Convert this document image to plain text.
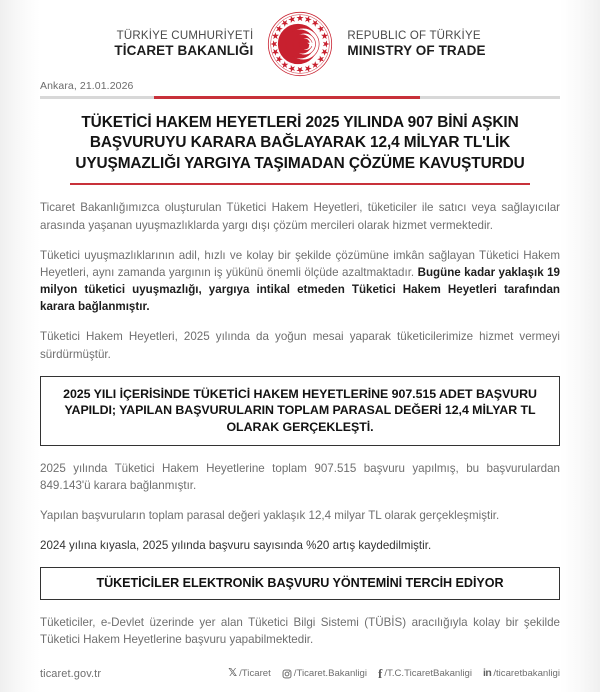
TÜRKİYE CUMHURİYETİ
TİCARET BAKANLIĞI
REPUBLIC OF TÜRKİYE
MINISTRY OF TRADE
Ankara, 21.01.2026
TÜKETİCİ HAKEM HEYETLERİ 2025 YILINDA 907 BİNİ AŞKIN BAŞVURUYU KARARA BAĞLAYARAK 12,4 MİLYAR TL'LİK UYUŞMAZLIĞI YARGIYA TAŞIMADAN ÇÖZÜME KAVUŞTURDU

Ticaret Bakanlığımızca oluşturulan Tüketici Hakem Heyetleri, tüketiciler ile satıcı veya sağlayıcılar arasında yaşanan uyuşmazlıklarda yargı dışı çözüm mercileri olarak hizmet vermektedir.

Tüketici uyuşmazlıklarının adil, hızlı ve kolay bir şekilde çözümüne imkân sağlayan Tüketici Hakem Heyetleri, aynı zamanda yargının iş yükünü önemli ölçüde azaltmaktadır. Bugüne kadar yaklaşık 19 milyon tüketici uyuşmazlığı, yargıya intikal etmeden Tüketici Hakem Heyetleri tarafından karara bağlanmıştır.

Tüketici Hakem Heyetleri, 2025 yılında da yoğun mesai yaparak tüketicilerimize hizmet vermeyi sürdürmüştür.

2025 YILI İÇERİSİNDE TÜKETİCİ HAKEM HEYETLERİNE 907.515 ADET BAŞVURU YAPILDI; YAPILAN BAŞVURULARIN TOPLAM PARASAL DEĞERİ 12,4 MİLYAR TL OLARAK GERÇEKLEŞTİ.

2025 yılında Tüketici Hakem Heyetlerine toplam 907.515 başvuru yapılmış, bu başvurulardan 849.143'ü karara bağlanmıştır.

Yapılan başvuruların toplam parasal değeri yaklaşık 12,4 milyar TL olarak gerçekleşmiştir.

2024 yılına kıyasla, 2025 yılında başvuru sayısında %20 artış kaydedilmiştir.

TÜKETİCİLER ELEKTRONİK BAŞVURU YÖNTEMİNİ TERCİH EDİYOR

Tüketiciler, e-Devlet üzerinde yer alan Tüketici Bilgi Sistemi (TÜBİS) aracılığıyla kolay bir şekilde Tüketici Hakem Heyetlerine başvuru yapabilmektedir.

ticaret.gov.tr	𝕏 /Ticaret /Ticaret.Bakanligi f /T.C.TicaretBakanligi in /ticaretbakanligi
